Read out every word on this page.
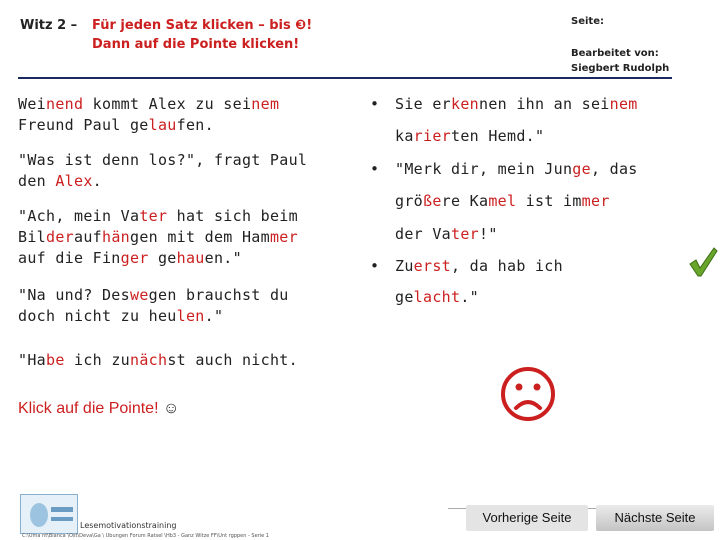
Witz 2 – Für jeden Satz klicken – bis ❸!
Dann auf die Pointe klicken!
Seite:
Bearbeitet von:
Siegbert Rudolph
Weinend kommt Alex zu seinem
Freund Paul gelaufen.
"Was ist denn los?", fragt Paul
den Alex.
"Ach, mein Vater hat sich beim
Bilderaufhängen mit dem Hammer
auf die Finger gehauen."
"Na und? Deswegen brauchst du
doch nicht zu heulen."
"Habe ich zunächst auch nicht.
• Sie erkennen ihn an seinem
karierten Hemd."
• "Merk dir, mein Junge, das
größere Kamel ist immer
der Vater!"
• Zuerst, da hab ich
gelacht."
Klick auf die Pointe! ☺
Lesemotivationstraining
C:\Uma nt\Bianca \Ost\Deva\Ga \ Ubungen Forum Ratsel \Hb3 - Ganz Witze FF\Unt rgppen - Serie 1
Vorherige Seite	Nächste Seite
